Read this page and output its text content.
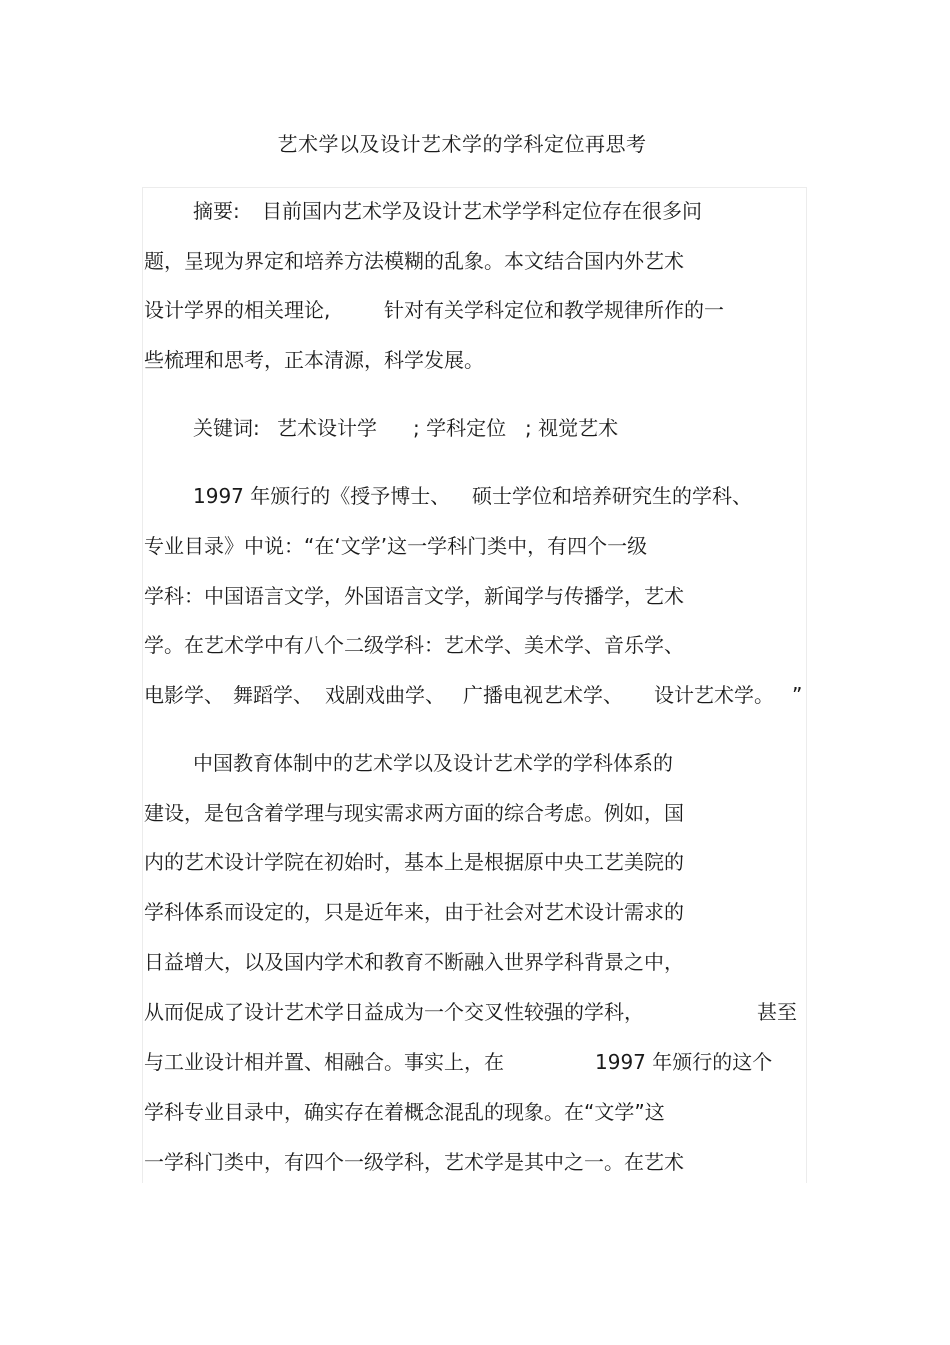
艺术学以及设计艺术学的学科定位再思考
摘要: 目前国内艺术学及设计艺术学学科定位存在很多问
题，呈现为界定和培养方法模糊的乱象。本文结合国内外艺术
设计学界的相关理论,	针对有关学科定位和教学规律所作的一
些梳理和思考，正本清源，科学发展。
关键词: 艺术设计学 ; 学科定位 ; 视觉艺术
1997 年颁行的《授予博士、 硕士学位和培养研究生的学科、
专业目录》中说：“在‘文学’这一学科门类中，有四个一级
学科：中国语言文学，外国语言文学，新闻学与传播学，艺术
学。在艺术学中有八个二级学科：艺术学、美术学、音乐学、
电影学、 舞蹈学、 戏剧戏曲学、 广播电视艺术学、 设计艺术学。 ”
中国教育体制中的艺术学以及设计艺术学的学科体系的
建设，是包含着学理与现实需求两方面的综合考虑。例如，国
内的艺术设计学院在初始时，基本上是根据原中央工艺美院的
学科体系而设定的，只是近年来，由于社会对艺术设计需求的
日益增大，以及国内学术和教育不断融入世界学科背景之中，
从而促成了设计艺术学日益成为一个交叉性较强的学科，	甚至
与工业设计相并置、相融合。事实上，在	1997 年颁行的这个
学科专业目录中，确实存在着概念混乱的现象。在“文学”这
一学科门类中，有四个一级学科，艺术学是其中之一。在艺术
